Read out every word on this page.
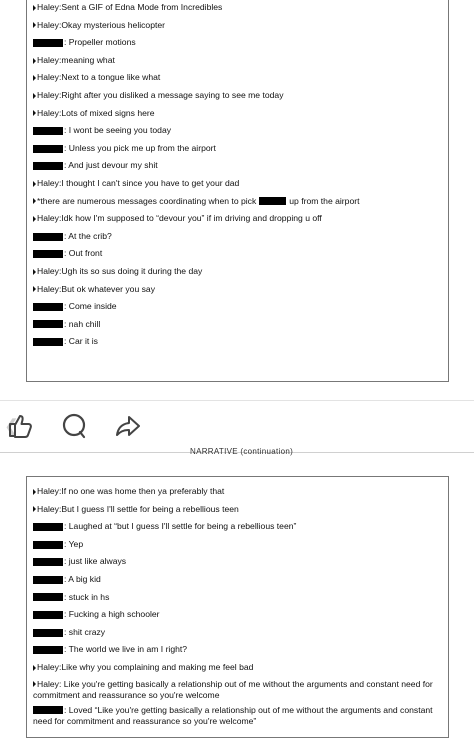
Haley : Sent a GIF of Edna Mode from Incredibles
Haley : Okay mysterious helicopter
: Propeller motions
Haley : meaning what
Haley : Next to a tongue like what
Haley : Right after you disliked a message saying to see me today
Haley : Lots of mixed signs here
: I wont be seeing you today
: Unless you pick me up from the airport
: And just devour my shit
Haley : I thought I can't since you have to get your dad
*there are numerous messages coordinating when to pick	up from the airport
Haley : Idk how I'm supposed to “devour you” if im driving and dropping u off
: At the crib?
: Out front
Haley : Ugh its so sus doing it during the day
Haley : But ok whatever you say
: Come inside
: nah chill
: Car it is
❮
NARRATIVE (continuation)
Haley : If no one was home then ya preferably that
Haley : But I guess I'll settle for being a rebellious teen
: Laughed at “but I guess I'll settle for being a rebellious teen”
: Yep
: just like always
: A big kid
: stuck in hs
: Fucking a high schooler
: shit crazy
: The world we live in am I right?
Haley : Like why you complaining and making me feel bad
Haley: Like you're getting basically a relationship out of me without the arguments and constant need for commitment and reassurance so you're welcome
: Loved “Like you're getting basically a relationship out of me without the arguments and constant need for commitment and reassurance so you're welcome”
